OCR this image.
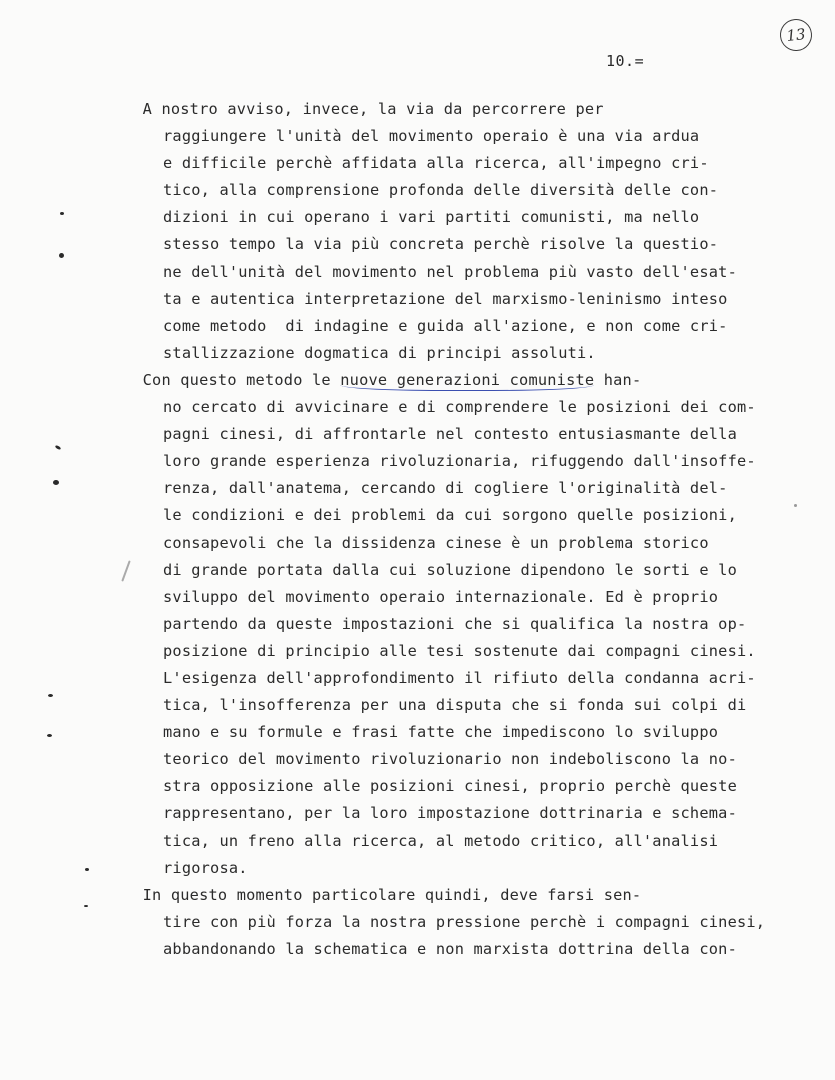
13
10.=
A nostro avviso, invece, la via da percorrere per
raggiungere l'unità del movimento operaio è una via ardua
e difficile perchè affidata alla ricerca, all'impegno cri-
tico, alla comprensione profonda delle diversità delle con-
dizioni in cui operano i vari partiti comunisti, ma nello
stesso tempo la via più concreta perchè risolve la questio-
ne dell'unità del movimento nel problema più vasto dell'esat-
ta e autentica interpretazione del marxismo-leninismo inteso
come metodo  di indagine e guida all'azione, e non come cri-
stallizzazione dogmatica di principi assoluti.
Con questo metodo le nuove generazioni comuniste han-
no cercato di avvicinare e di comprendere le posizioni dei com-
pagni cinesi, di affrontarle nel contesto entusiasmante della
loro grande esperienza rivoluzionaria, rifuggendo dall'insoffe-
renza, dall'anatema, cercando di cogliere l'originalità del-
le condizioni e dei problemi da cui sorgono quelle posizioni,
consapevoli che la dissidenza cinese è un problema storico
di grande portata dalla cui soluzione dipendono le sorti e lo
sviluppo del movimento operaio internazionale. Ed è proprio
partendo da queste impostazioni che si qualifica la nostra op-
posizione di principio alle tesi sostenute dai compagni cinesi.
L'esigenza dell'approfondimento il rifiuto della condanna acri-
tica, l'insofferenza per una disputa che si fonda sui colpi di
mano e su formule e frasi fatte che impediscono lo sviluppo
teorico del movimento rivoluzionario non indeboliscono la no-
stra opposizione alle posizioni cinesi, proprio perchè queste
rappresentano, per la loro impostazione dottrinaria e schema-
tica, un freno alla ricerca, al metodo critico, all'analisi
rigorosa.
In questo momento particolare quindi, deve farsi sen-
tire con più forza la nostra pressione perchè i compagni cinesi,
abbandonando la schematica e non marxista dottrina della con-
